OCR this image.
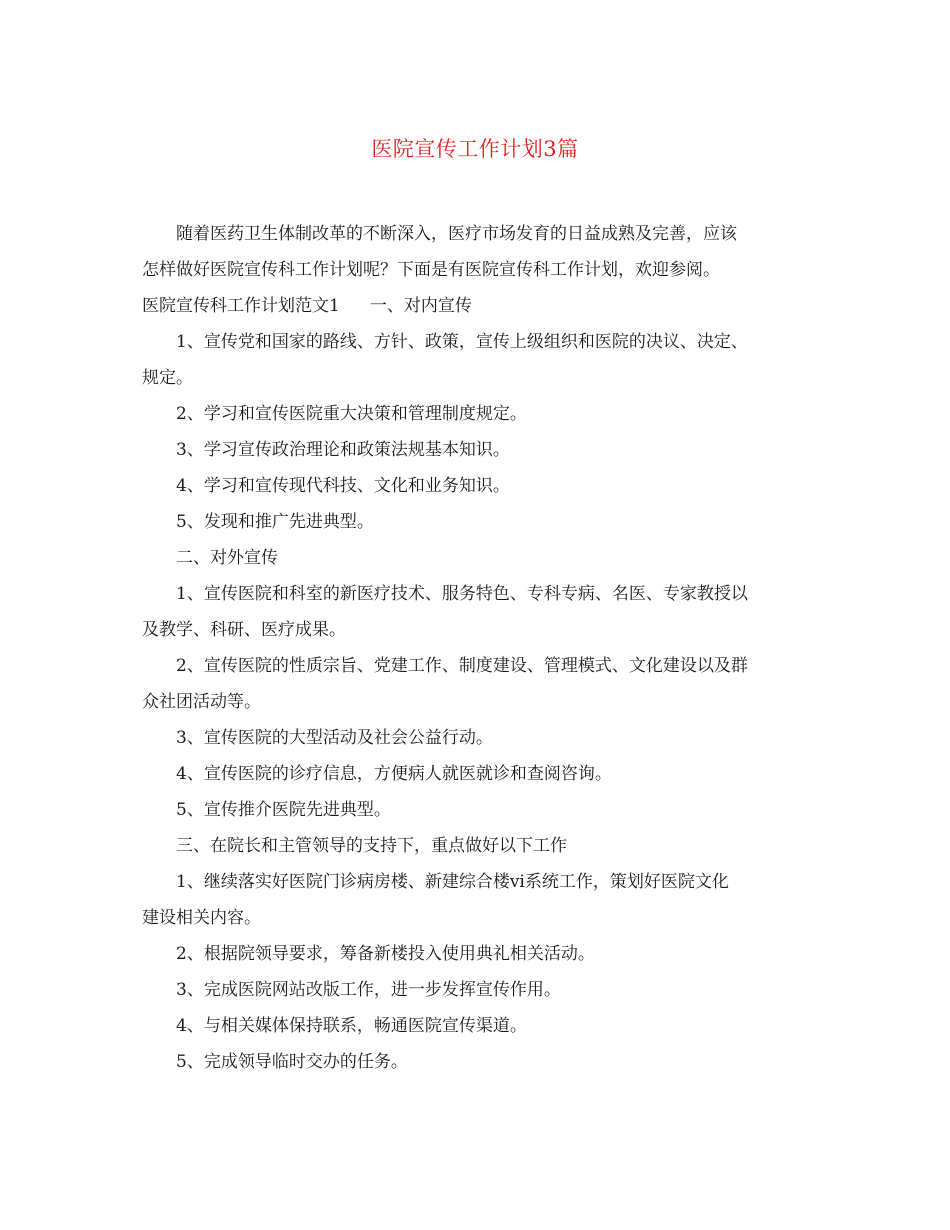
医院宣传工作计划3篇

随着医药卫生体制改革的不断深入，医疗市场发育的日益成熟及完善，应该

怎样做好医院宣传科工作计划呢？下面是有医院宣传科工作计划，欢迎参阅。

医院宣传科工作计划范文1 一、对内宣传

1、宣传党和国家的路线、方针、政策，宣传上级组织和医院的决议、决定、

规定。

2、学习和宣传医院重大决策和管理制度规定。

3、学习宣传政治理论和政策法规基本知识。

4、学习和宣传现代科技、文化和业务知识。

5、发现和推广先进典型。

二、对外宣传

1、宣传医院和科室的新医疗技术、服务特色、专科专病、名医、专家教授以

及教学、科研、医疗成果。

2、宣传医院的性质宗旨、党建工作、制度建设、管理模式、文化建设以及群

众社团活动等。

3、宣传医院的大型活动及社会公益行动。

4、宣传医院的诊疗信息，方便病人就医就诊和查阅咨询。

5、宣传推介医院先进典型。

三、在院长和主管领导的支持下，重点做好以下工作

1、继续落实好医院门诊病房楼、新建综合楼vi系统工作，策划好医院文化

建设相关内容。

2、根据院领导要求，筹备新楼投入使用典礼相关活动。

3、完成医院网站改版工作，进一步发挥宣传作用。

4、与相关媒体保持联系，畅通医院宣传渠道。

5、完成领导临时交办的任务。
